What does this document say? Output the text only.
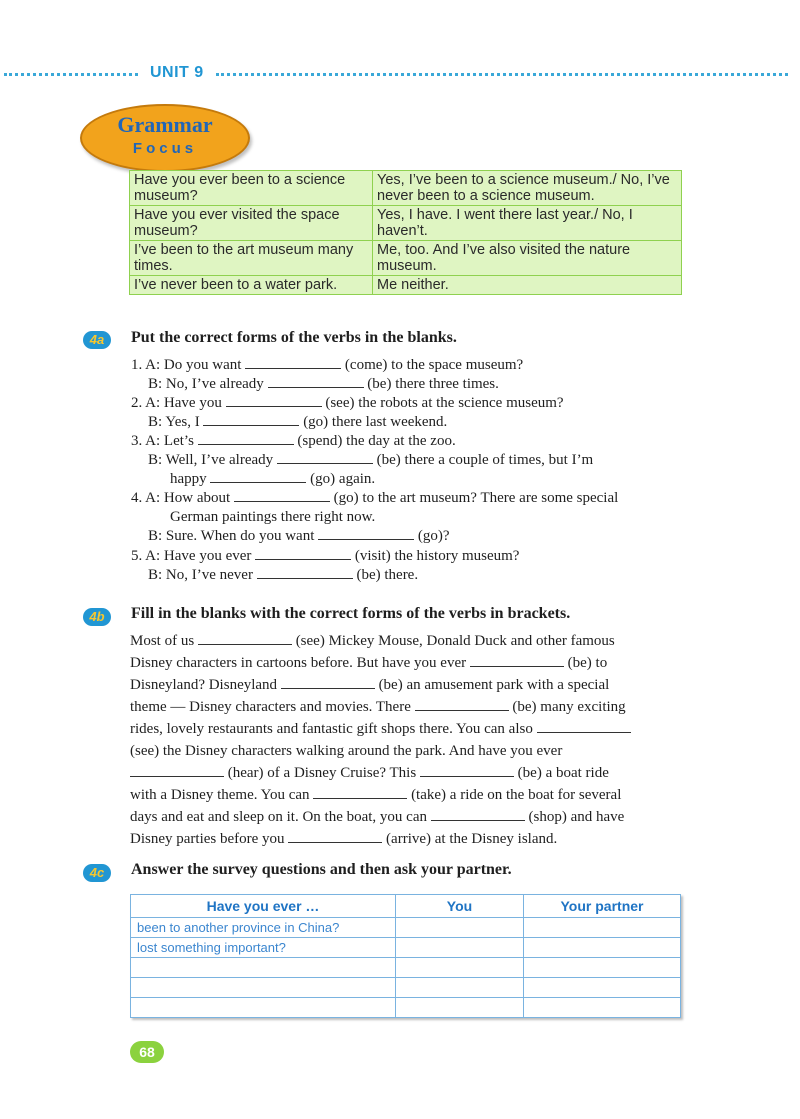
UNIT 9
Grammar
Focus
Have you ever been to a science museum?	Yes, I’ve been to a science museum./ No, I’ve never been to a science museum.
Have you ever visited the space museum?	Yes, I have. I went there last year./ No, I haven’t.
I’ve been to the art museum many times.	Me, too. And I’ve also visited the nature museum.
I’ve never been to a water park.	Me neither.
4a	Put the correct forms of the verbs in the blanks.
1. A: Do you want	(come) to the space museum?
B: No, I’ve already	(be) there three times.
2. A: Have you	(see) the robots at the science museum?
B: Yes, I	(go) there last weekend.
3. A: Let’s	(spend) the day at the zoo.
B: Well, I’ve already	(be) there a couple of times, but I’m
happy	(go) again.
4. A: How about	(go) to the art museum? There are some special
German paintings there right now.
B: Sure. When do you want	(go)?
5. A: Have you ever	(visit) the history museum?
B: No, I’ve never	(be) there.
4b	Fill in the blanks with the correct forms of the verbs in brackets.
Most of us	(see) Mickey Mouse, Donald Duck and other famous
Disney characters in cartoons before. But have you ever	(be) to
Disneyland? Disneyland	(be) an amusement park with a special
theme — Disney characters and movies. There	(be) many exciting
rides, lovely restaurants and fantastic gift shops there. You can also
(see) the Disney characters walking around the park. And have you ever
(hear) of a Disney Cruise? This	(be) a boat ride
with a Disney theme. You can	(take) a ride on the boat for several
days and eat and sleep on it. On the boat, you can	(shop) and have
Disney parties before you	(arrive) at the Disney island.
4c	Answer the survey questions and then ask your partner.
Have you ever …	You	Your partner
been to another province in China?		
lost something important?		

68
